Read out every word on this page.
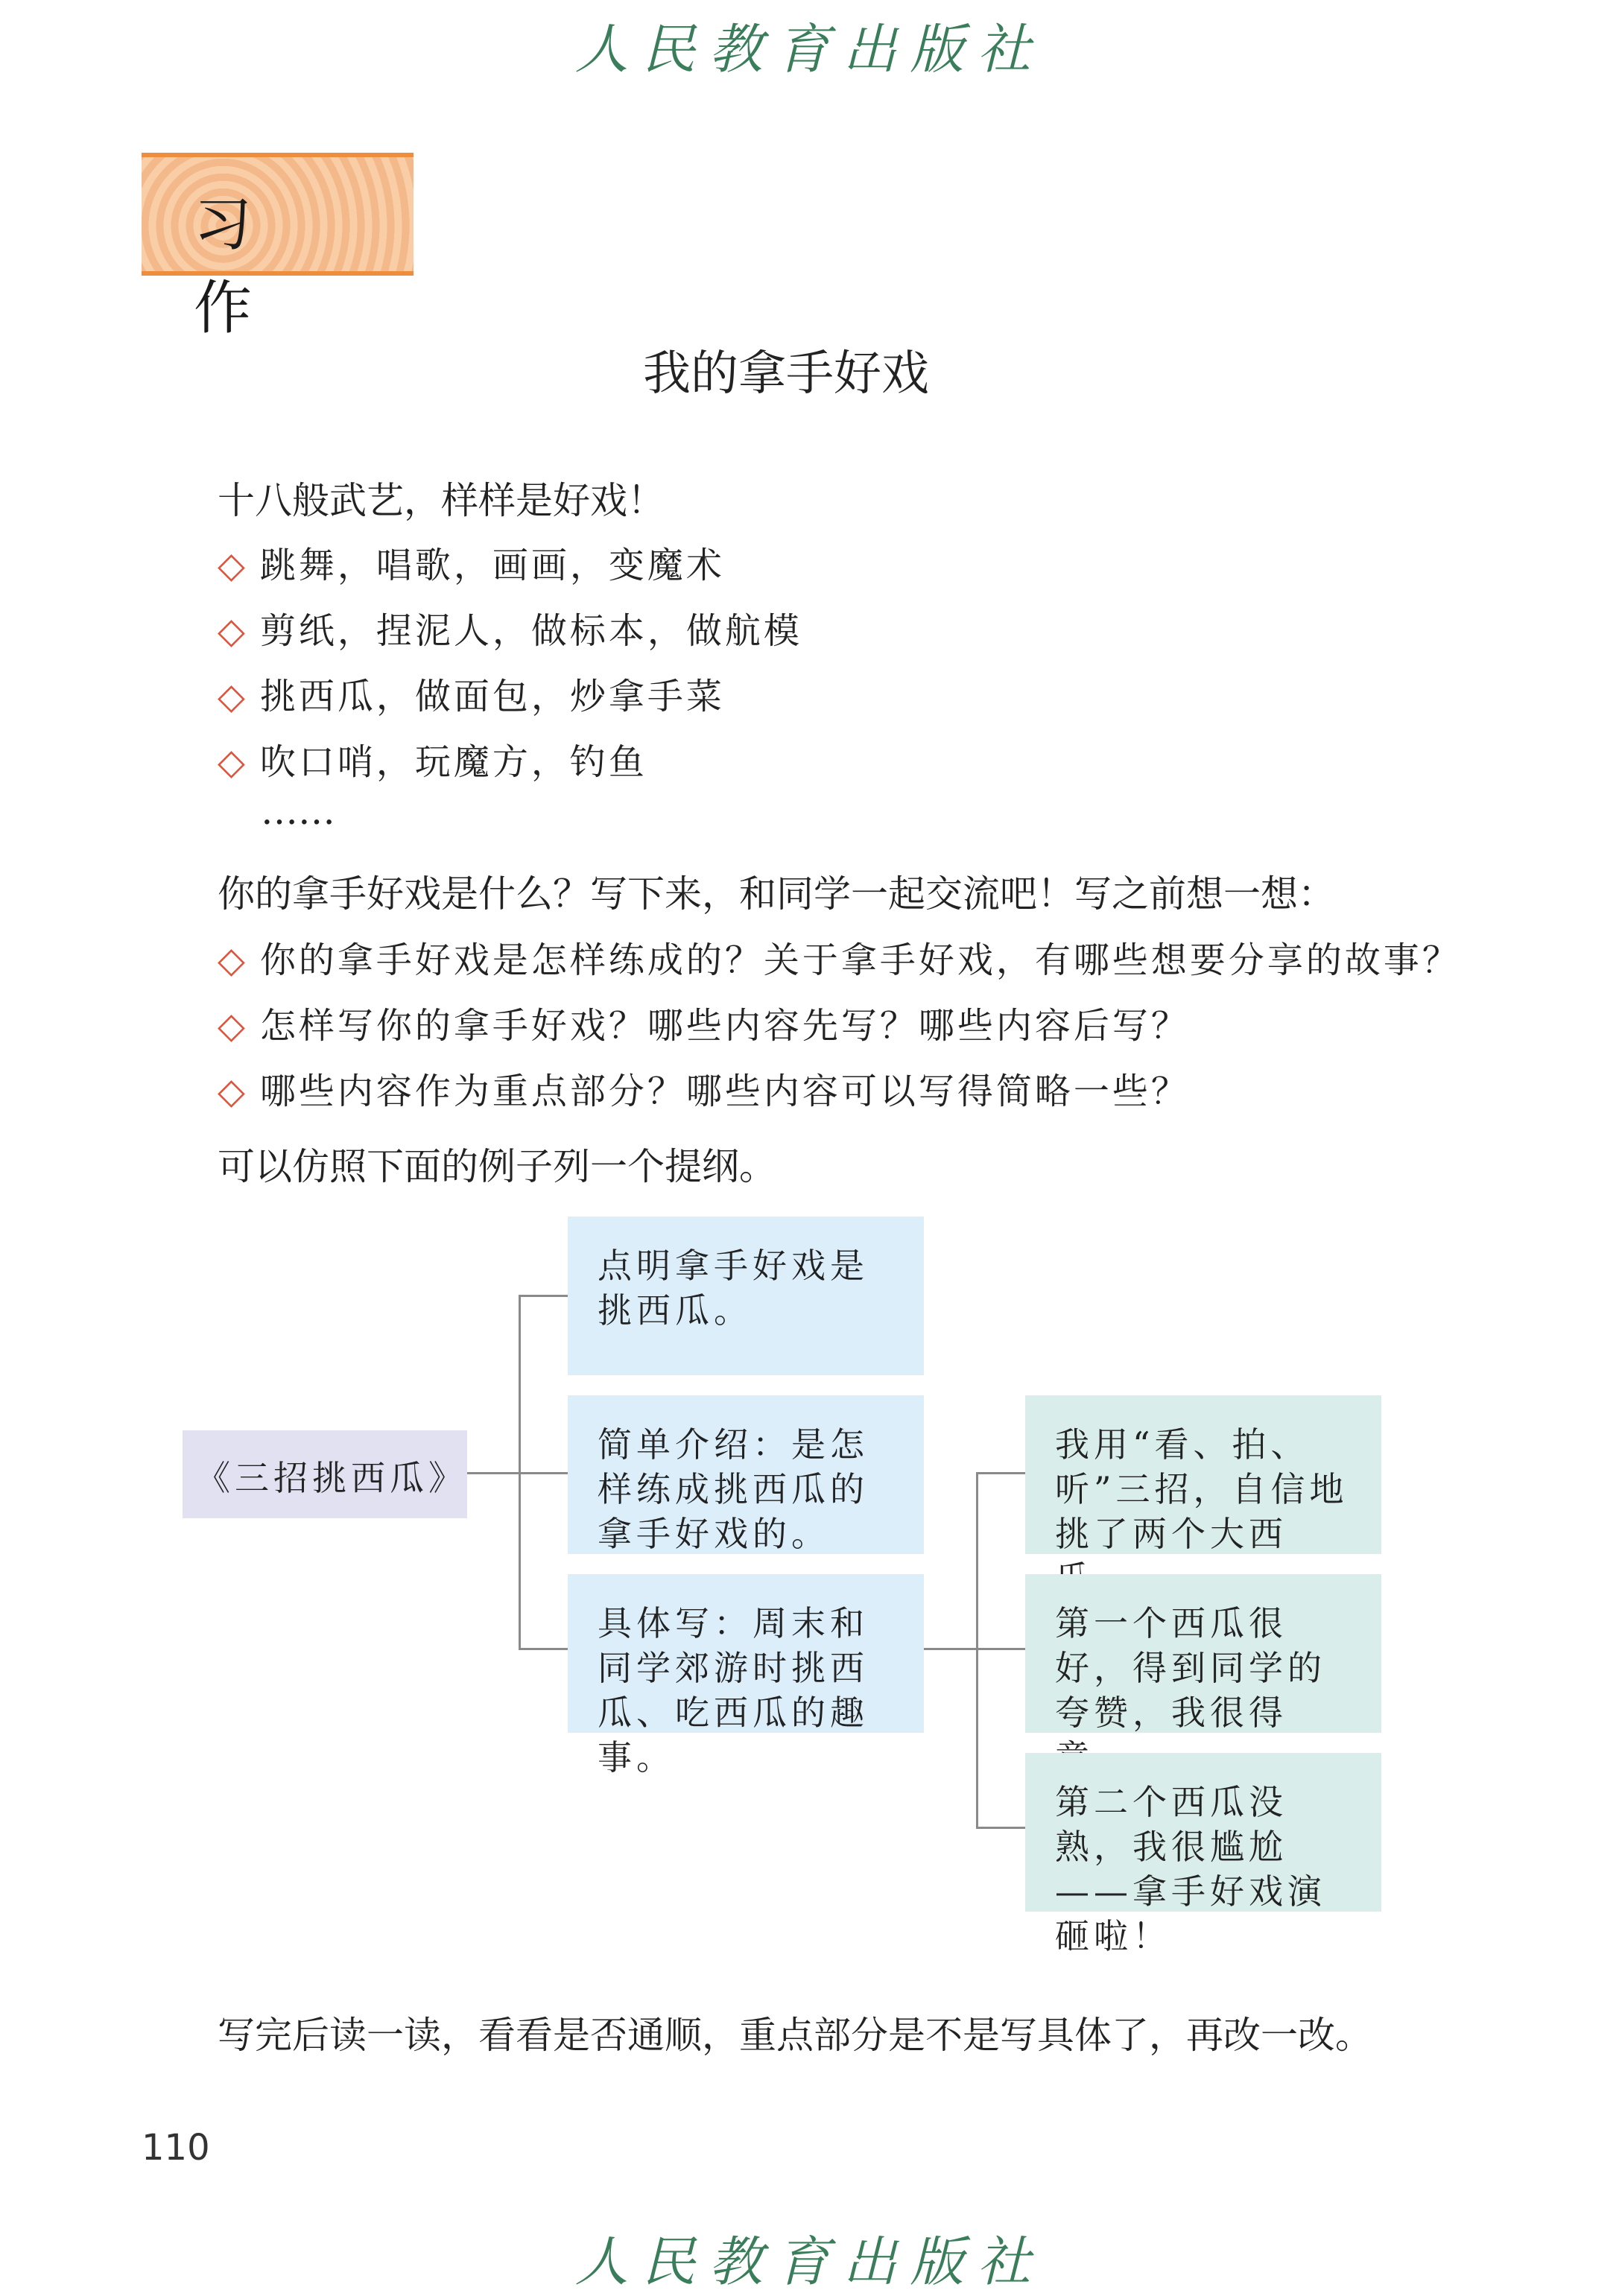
人民教育出版社
习 作
我的拿手好戏
十八般武艺，样样是好戏！
◇ 跳舞，唱歌，画画，变魔术
◇ 剪纸，捏泥人，做标本，做航模
◇ 挑西瓜，做面包，炒拿手菜
◇ 吹口哨，玩魔方，钓鱼
……
你的拿手好戏是什么？写下来，和同学一起交流吧！写之前想一想：
◇ 你的拿手好戏是怎样练成的？关于拿手好戏，有哪些想要分享的故事？
◇ 怎样写你的拿手好戏？哪些内容先写？哪些内容后写？
◇ 哪些内容作为重点部分？哪些内容可以写得简略一些？
可以仿照下面的例子列一个提纲。
《三招挑西瓜》
点明拿手好戏是挑西瓜。
简单介绍：是怎样练成挑西瓜的拿手好戏的。
具体写：周末和同学郊游时挑西瓜、吃西瓜的趣事。
我用“看、拍、听”三招，自信地挑了两个大西
第一个西瓜很好，得到同学的夸赞，我很得
第二个西瓜没熟，我很尴尬——拿手好戏演砸啦！
写完后读一读，看看是否通顺，重点部分是不是写具体了，再改一改。
110
人民教育出版社
